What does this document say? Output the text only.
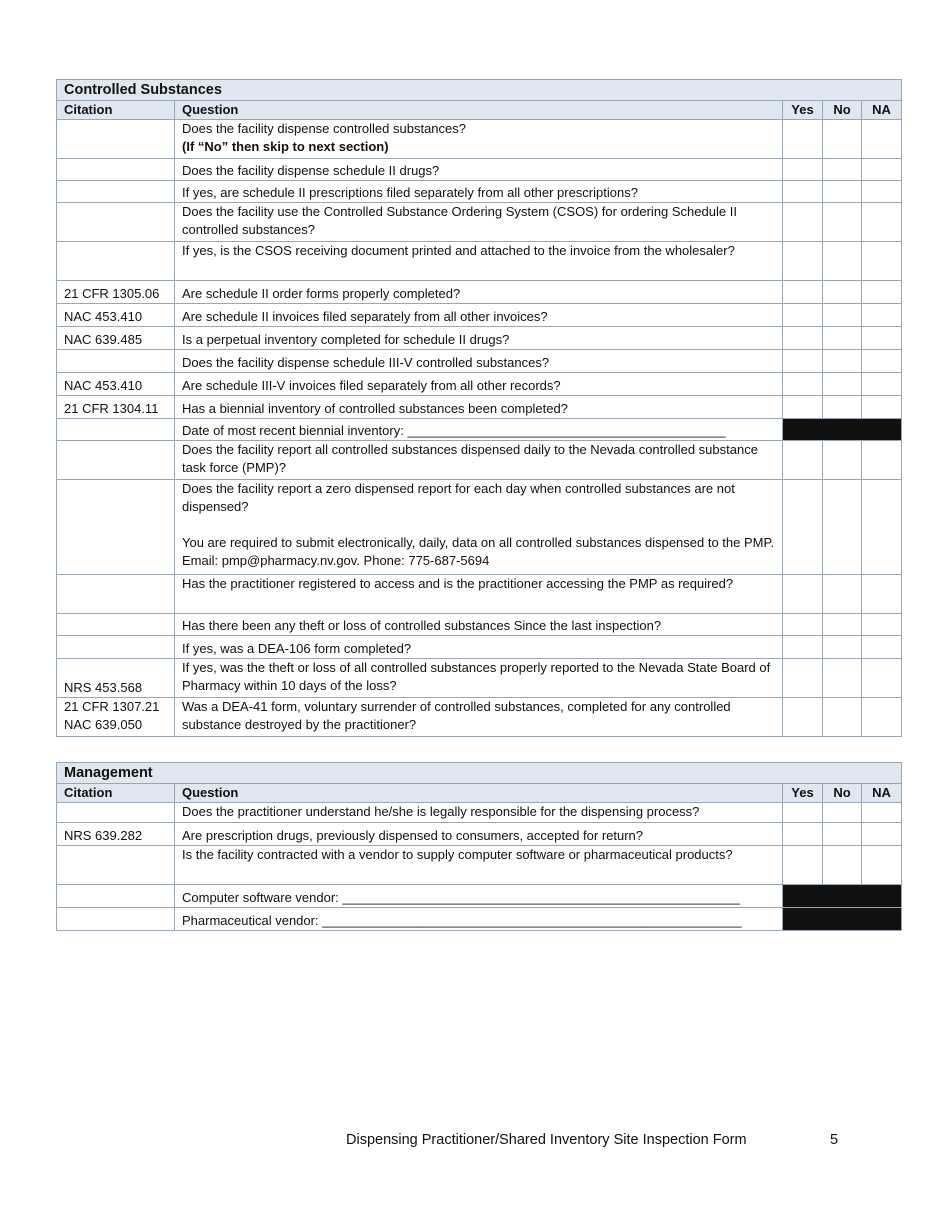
Controlled Substances				
Citation	Question	Yes	No	NA

	Does the facility dispense controlled substances?
(If “No” then skip to next section)			

	Does the facility dispense schedule II drugs?			
	If yes, are schedule II prescriptions filed separately from all other prescriptions?			
	Does the facility use the Controlled Substance Ordering System (CSOS) for ordering Schedule II controlled substances?			
	If yes, is the CSOS receiving document printed and attached to the invoice from the wholesaler?			
21 CFR 1305.06	Are schedule II order forms properly completed?			
NAC 453.410	Are schedule II invoices filed separately from all other invoices?			
NAC 639.485	Is a perpetual inventory completed for schedule II drugs?			
	Does the facility dispense schedule III-V controlled substances?			
NAC 453.410	Are schedule III-V invoices filed separately from all other records?			
21 CFR 1304.11	Has a biennial inventory of controlled substances been completed?			
	Date of most recent biennial inventory: ____________________________________________			
	Does the facility report all controlled substances dispensed daily to the Nevada controlled substance task force (PMP)?			

	Does the facility report a zero dispensed report for each day when controlled substances are not dispensed?
You are required to submit electronically, daily, data on all controlled substances dispensed to the PMP. Email: pmp@pharmacy.nv.gov. Phone: 775-687-5694			

	Has the practitioner registered to access and is the practitioner accessing the PMP as required?			
	Has there been any theft or loss of controlled substances Since the last inspection?			
	If yes, was a DEA-106 form completed?			
NRS 453.568	If yes, was the theft or loss of all controlled substances properly reported to the Nevada State Board of Pharmacy within 10 days of the loss?			

21 CFR 1307.21
NAC 639.050	Was a DEA-41 form, voluntary surrender of controlled substances, completed for any controlled substance destroyed by the practitioner?			
Management				
Citation	Question	Yes	No	NA
	Does the practitioner understand he/she is legally responsible for the dispensing process?			
NRS 639.282	Are prescription drugs, previously dispensed to consumers, accepted for return?			
	Is the facility contracted with a vendor to supply computer software or pharmaceutical products?			
	Computer software vendor: _______________________________________________________			
	Pharmaceutical vendor: __________________________________________________________			
Dispensing Practitioner/Shared Inventory Site Inspection Form	5
